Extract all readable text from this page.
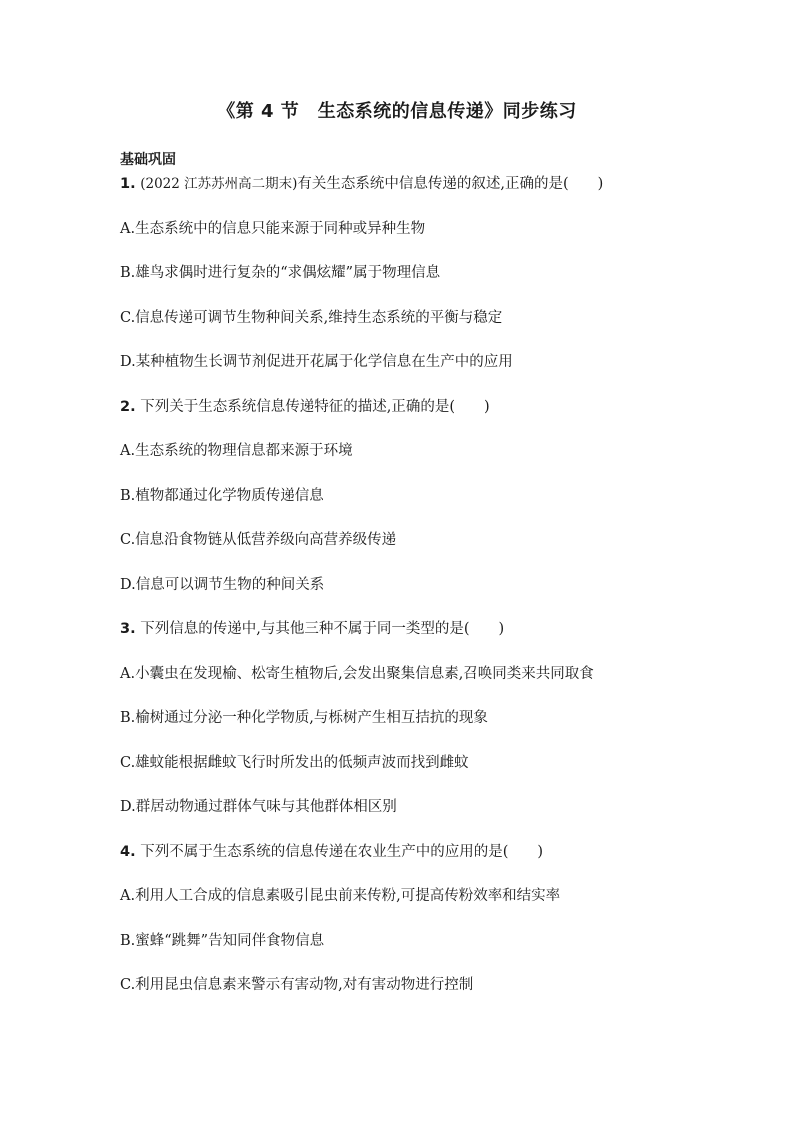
《第 4 节　生态系统的信息传递》同步练习
基础巩固
1. (2022 江苏苏州高二期末)有关生态系统中信息传递的叙述,正确的是(　　)
A.生态系统中的信息只能来源于同种或异种生物
B.雄鸟求偶时进行复杂的“求偶炫耀”属于物理信息
C.信息传递可调节生物种间关系,维持生态系统的平衡与稳定
D.某种植物生长调节剂促进开花属于化学信息在生产中的应用
2. 下列关于生态系统信息传递特征的描述,正确的是(　　)
A.生态系统的物理信息都来源于环境
B.植物都通过化学物质传递信息
C.信息沿食物链从低营养级向高营养级传递
D.信息可以调节生物的种间关系
3. 下列信息的传递中,与其他三种不属于同一类型的是(　　)
A.小囊虫在发现榆、松寄生植物后,会发出聚集信息素,召唤同类来共同取食
B.榆树通过分泌一种化学物质,与栎树产生相互拮抗的现象
C.雄蚊能根据雌蚊飞行时所发出的低频声波而找到雌蚊
D.群居动物通过群体气味与其他群体相区别
4. 下列不属于生态系统的信息传递在农业生产中的应用的是(　　)
A.利用人工合成的信息素吸引昆虫前来传粉,可提高传粉效率和结实率
B.蜜蜂“跳舞”告知同伴食物信息
C.利用昆虫信息素来警示有害动物,对有害动物进行控制
